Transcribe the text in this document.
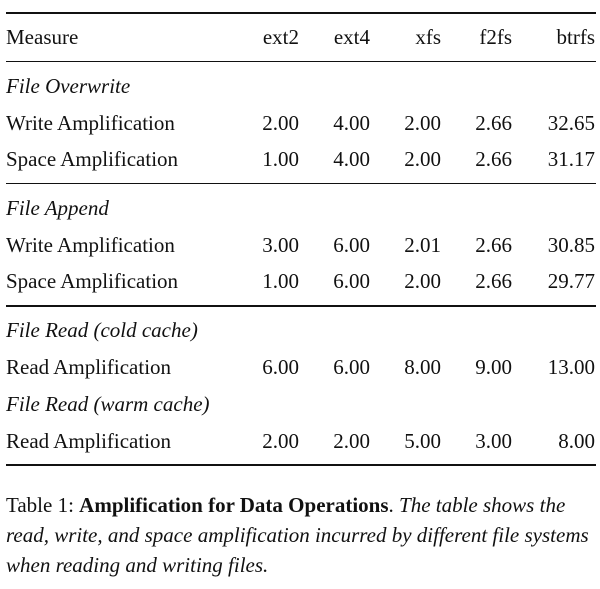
Measure	ext2	ext4	xfs	f2fs	btrfs
File Overwrite
Write Amplification	2.00	4.00	2.00	2.66	32.65
Space Amplification	1.00	4.00	2.00	2.66	31.17
File Append
Write Amplification	3.00	6.00	2.01	2.66	30.85
Space Amplification	1.00	6.00	2.00	2.66	29.77
File Read (cold cache)
Read Amplification	6.00	6.00	8.00	9.00	13.00
File Read (warm cache)
Read Amplification	2.00	2.00	5.00	3.00	8.00
Table 1: Amplification for Data Operations. The table shows the read, write, and space amplification incurred by different file systems when reading and writing files.
